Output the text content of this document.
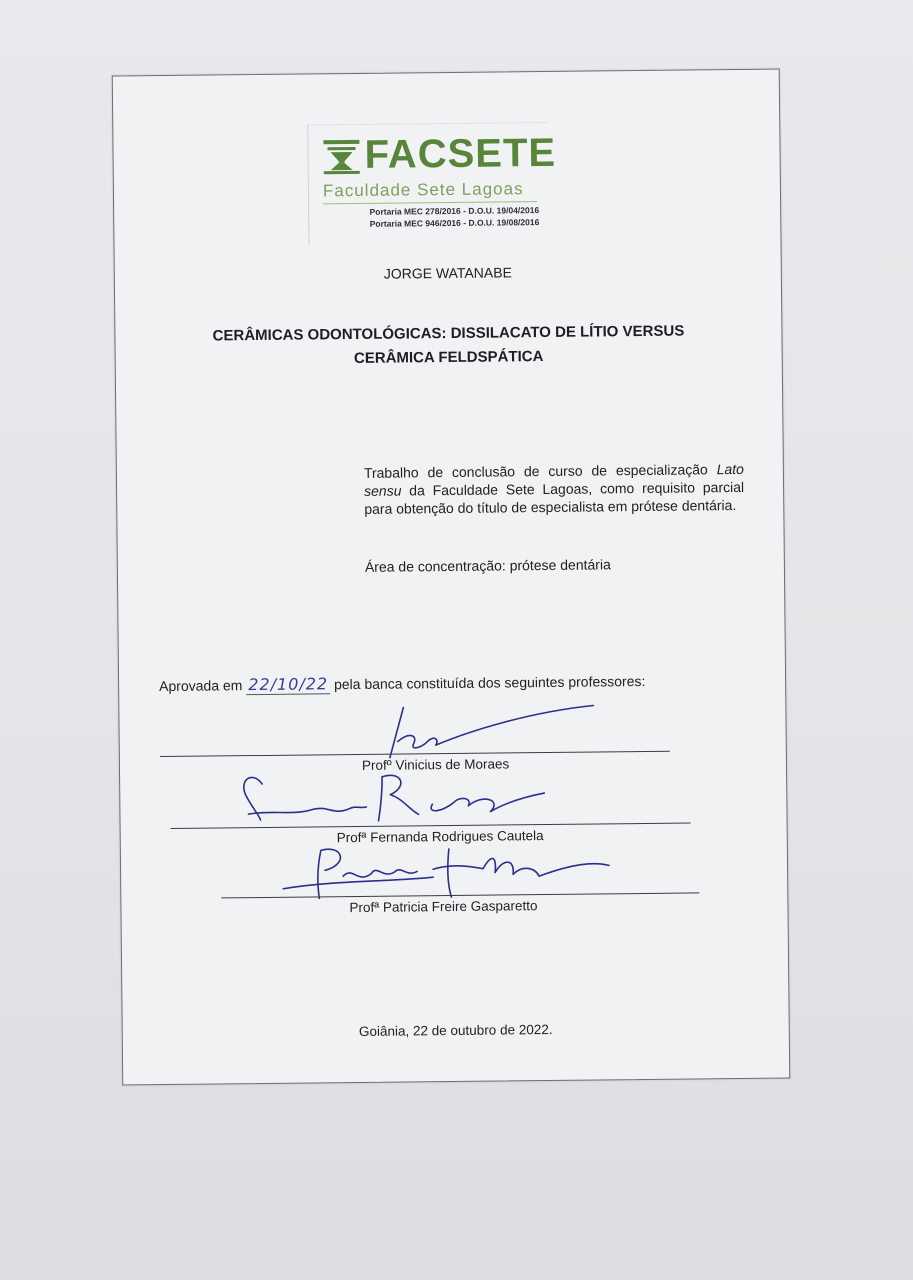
FACSETE
Faculdade Sete Lagoas
Portaria MEC 278/2016 - D.O.U. 19/04/2016
Portaria MEC 946/2016 - D.O.U. 19/08/2016
JORGE WATANABE
CERÂMICAS ODONTOLÓGICAS: DISSILACATO DE LÍTIO VERSUS
CERÂMICA FELDSPÁTICA
Trabalho de conclusão de curso de especialização Lato sensu da Faculdade Sete Lagoas, como requisito parcial para obtenção do título de especialista em prótese dentária.
Área de concentração: prótese dentária
Aprovada em 22/10/22 pela banca constituída dos seguintes professores:
Profº Vinicius de Moraes
Profª Fernanda Rodrigues Cautela
Profª Patricia Freire Gasparetto
Goiânia, 22 de outubro de 2022.
